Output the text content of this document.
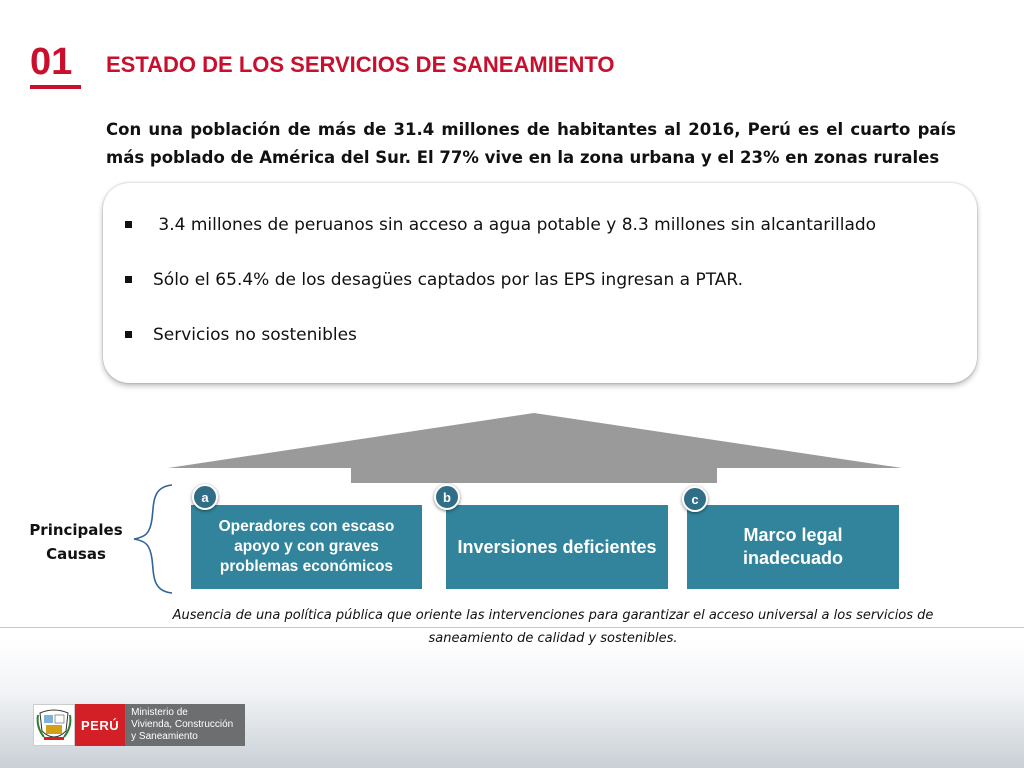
01 ESTADO DE LOS SERVICIOS DE SANEAMIENTO
Con una población de más de 31.4 millones de habitantes al 2016, Perú es el cuarto país más poblado de América del Sur. El 77% vive en la zona urbana y el 23% en zonas rurales
3.4 millones de peruanos sin acceso a agua potable y 8.3 millones sin alcantarillado
Sólo el 65.4% de los desagües captados por las EPS ingresan a PTAR.
Servicios no sostenibles
Principales
Causas
Operadores con escaso apoyo y con graves problemas económicos
Inversiones deficientes
Marco legal inadecuado
a	b	c
Ausencia de una política pública que oriente las intervenciones para garantizar el acceso universal a los servicios de saneamiento de calidad y sostenibles.
PERÚ
Ministerio de
Vivienda, Construcción
y Saneamiento
